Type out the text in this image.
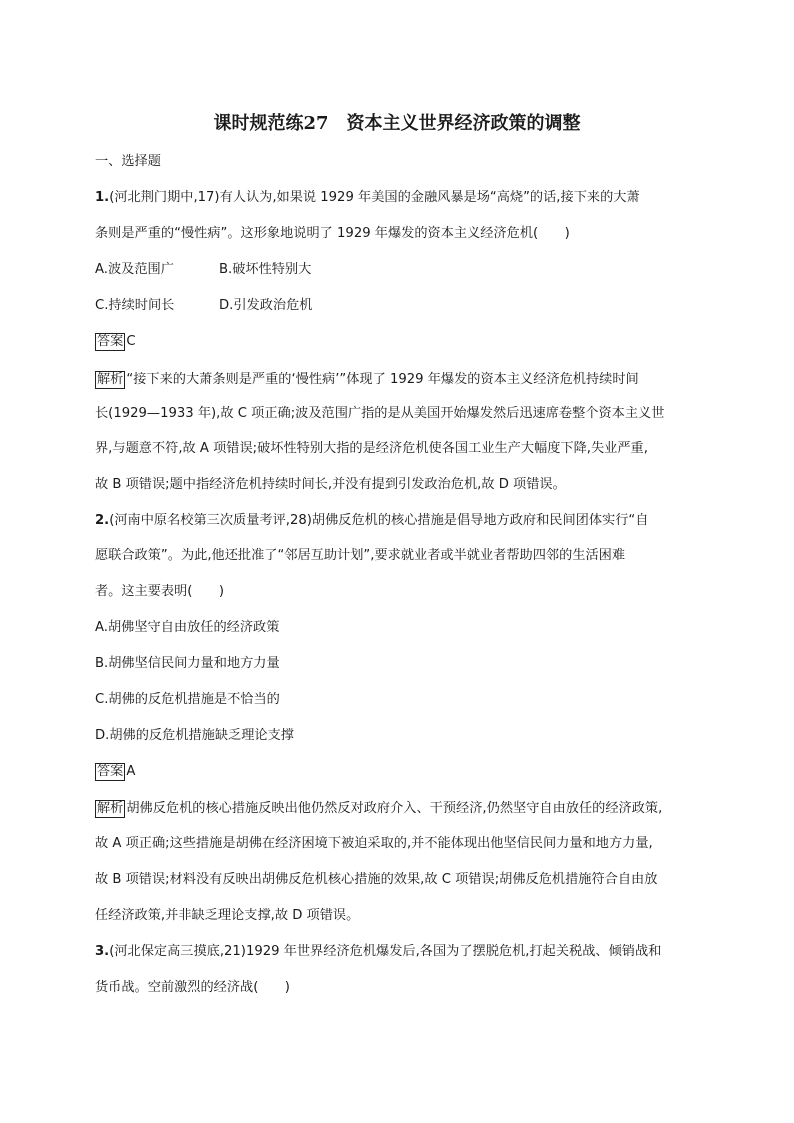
课时规范练27　资本主义世界经济政策的调整
一、选择题
1.(河北荆门期中,17)有人认为,如果说 1929 年美国的金融风暴是场“高烧”的话,接下来的大萧
条则是严重的“慢性病”。这形象地说明了 1929 年爆发的资本主义经济危机(　　)
A.波及范围广	B.破坏性特别大
C.持续时间长	D.引发政治危机
答案 C
解析 “接下来的大萧条则是严重的‘慢性病’”体现了 1929 年爆发的资本主义经济危机持续时间
长(1929—1933 年),故 C 项正确;波及范围广指的是从美国开始爆发然后迅速席卷整个资本主义世
界,与题意不符,故 A 项错误;破坏性特别大指的是经济危机使各国工业生产大幅度下降,失业严重,
故 B 项错误;题中指经济危机持续时间长,并没有提到引发政治危机,故 D 项错误。
2.(河南中原名校第三次质量考评,28)胡佛反危机的核心措施是倡导地方政府和民间团体实行“自
愿联合政策”。为此,他还批准了“邻居互助计划”,要求就业者或半就业者帮助四邻的生活困难
者。这主要表明(　　)
A.胡佛坚守自由放任的经济政策
B.胡佛坚信民间力量和地方力量
C.胡佛的反危机措施是不恰当的
D.胡佛的反危机措施缺乏理论支撑
答案 A
解析 胡佛反危机的核心措施反映出他仍然反对政府介入、干预经济,仍然坚守自由放任的经济政策,
故 A 项正确;这些措施是胡佛在经济困境下被迫采取的,并不能体现出他坚信民间力量和地方力量,
故 B 项错误;材料没有反映出胡佛反危机核心措施的效果,故 C 项错误;胡佛反危机措施符合自由放
任经济政策,并非缺乏理论支撑,故 D 项错误。
3.(河北保定高三摸底,21)1929 年世界经济危机爆发后,各国为了摆脱危机,打起关税战、倾销战和
货币战。空前激烈的经济战(　　)
